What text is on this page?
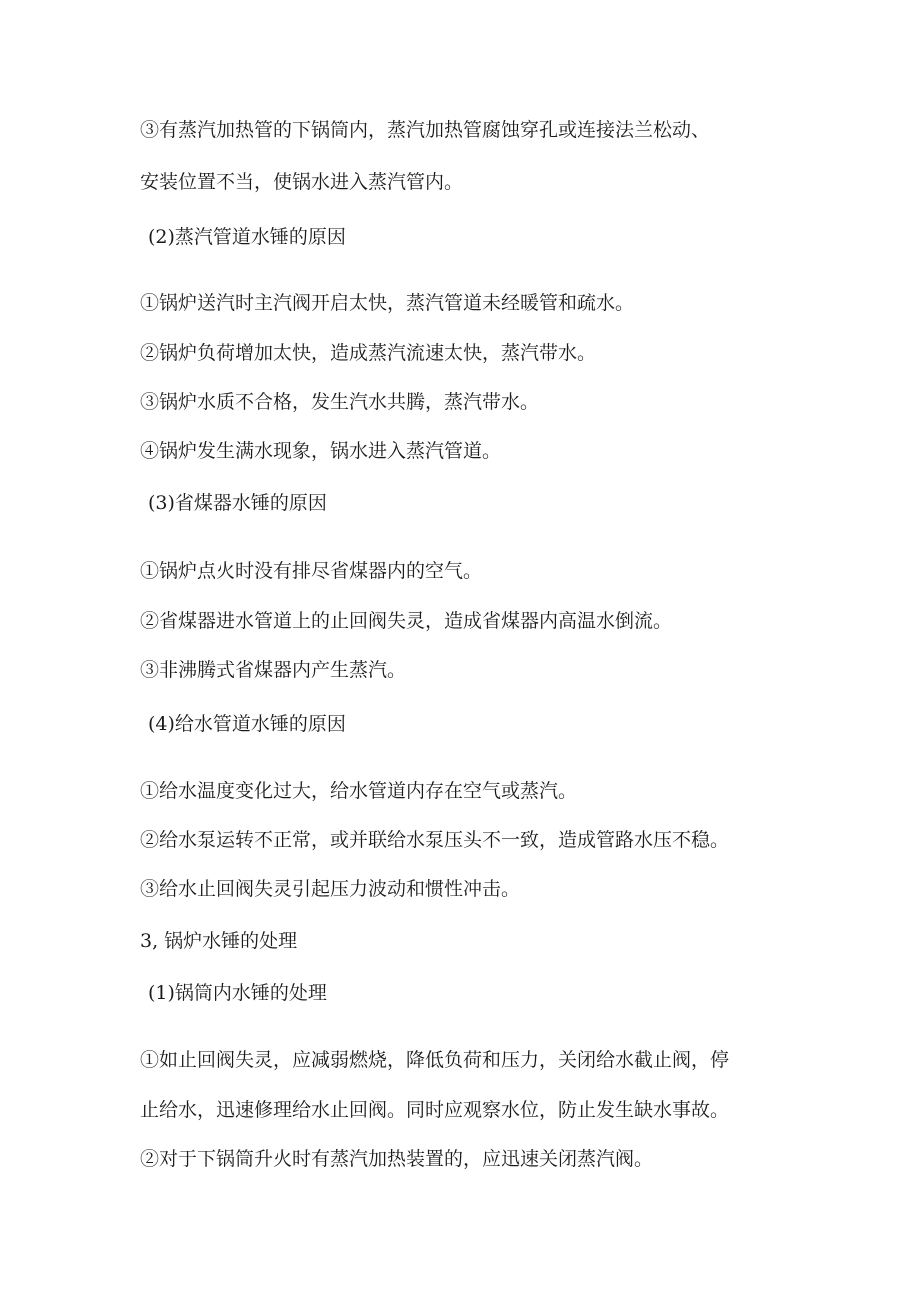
③有蒸汽加热管的下锅筒内，蒸汽加热管腐蚀穿孔或连接法兰松动、
安装位置不当，使锅水进入蒸汽管内。
(2)蒸汽管道水锤的原因
①锅炉送汽时主汽阀开启太快，蒸汽管道未经暖管和疏水。
②锅炉负荷增加太快，造成蒸汽流速太快，蒸汽带水。
③锅炉水质不合格，发生汽水共腾，蒸汽带水。
④锅炉发生满水现象，锅水进入蒸汽管道。
(3)省煤器水锤的原因
①锅炉点火时没有排尽省煤器内的空气。
②省煤器进水管道上的止回阀失灵，造成省煤器内高温水倒流。
③非沸腾式省煤器内产生蒸汽。
(4)给水管道水锤的原因
①给水温度变化过大，给水管道内存在空气或蒸汽。
②给水泵运转不正常，或并联给水泵压头不一致，造成管路水压不稳。
③给水止回阀失灵引起压力波动和惯性冲击。
3, 锅炉水锤的处理
(1)锅筒内水锤的处理
①如止回阀失灵，应减弱燃烧，降低负荷和压力，关闭给水截止阀，停
止给水，迅速修理给水止回阀。同时应观察水位，防止发生缺水事故。
②对于下锅筒升火时有蒸汽加热装置的，应迅速关闭蒸汽阀。
